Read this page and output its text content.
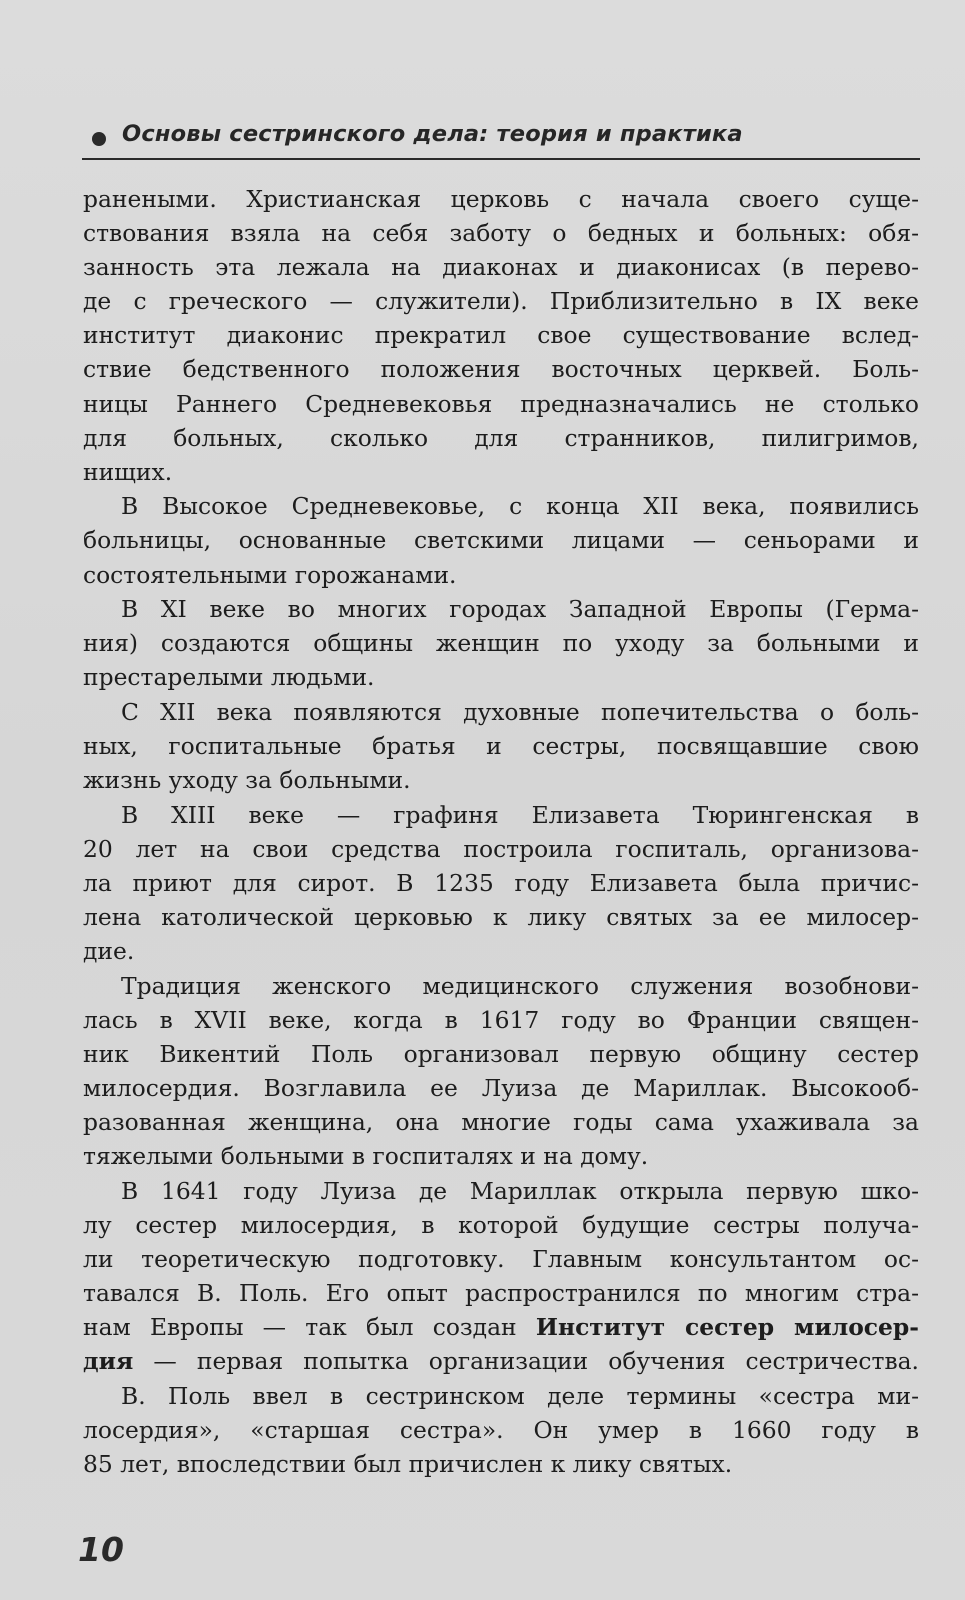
Основы сестринского дела: теория и практика
ранеными. Христианская церковь с начала своего суще-
ствования взяла на себя заботу о бедных и больных: обя-
занность эта лежала на диаконах и диаконисах (в перево-
де с греческого — служители). Приблизительно в IX веке
институт диаконис прекратил свое существование вслед-
ствие бедственного положения восточных церквей. Боль-
ницы Раннего Средневековья предназначались не столько
для больных, сколько для странников, пилигримов,
нищих.
В Высокое Средневековье, с конца XII века, появились
больницы, основанные светскими лицами — сеньорами и
состоятельными горожанами.
В XI веке во многих городах Западной Европы (Герма-
ния) создаются общины женщин по уходу за больными и
престарелыми людьми.
С XII века появляются духовные попечительства о боль-
ных, госпитальные братья и сестры, посвящавшие свою
жизнь уходу за больными.
В XIII веке — графиня Елизавета Тюрингенская в
20 лет на свои средства построила госпиталь, организова-
ла приют для сирот. В 1235 году Елизавета была причис-
лена католической церковью к лику святых за ее милосер-
дие.
Традиция женского медицинского служения возобнови-
лась в XVII веке, когда в 1617 году во Франции священ-
ник Викентий Поль организовал первую общину сестер
милосердия. Возглавила ее Луиза де Мариллак. Высокооб-
разованная женщина, она многие годы сама ухаживала за
тяжелыми больными в госпиталях и на дому.
В 1641 году Луиза де Мариллак открыла первую шко-
лу сестер милосердия, в которой будущие сестры получа-
ли теоретическую подготовку. Главным консультантом ос-
тавался В. Поль. Его опыт распространился по многим стра-
нам Европы — так был создан Институт сестер милосер-
дия — первая попытка организации обучения сестричества.
В. Поль ввел в сестринском деле термины «сестра ми-
лосердия», «старшая сестра». Он умер в 1660 году в
85 лет, впоследствии был причислен к лику святых.
10
